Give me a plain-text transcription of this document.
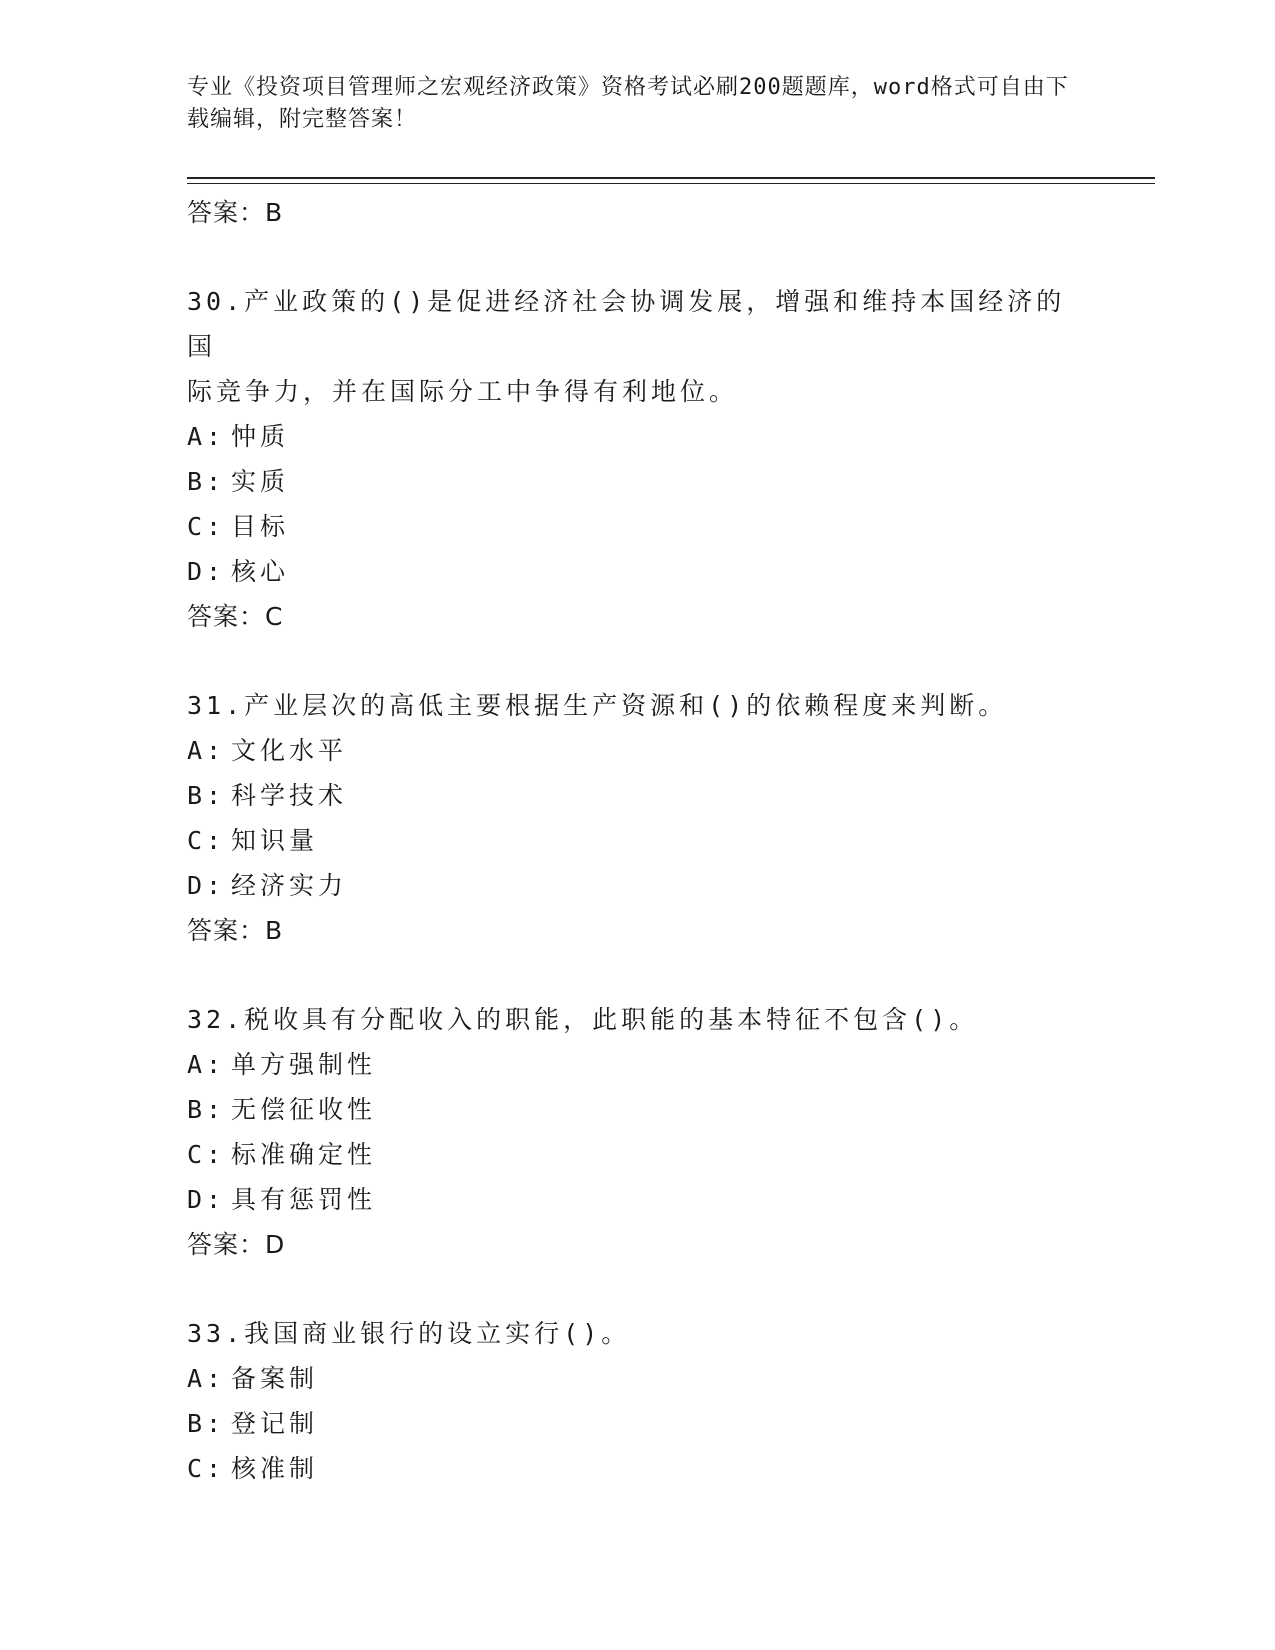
专业《投资项目管理师之宏观经济政策》资格考试必刷200题题库，word格式可自由下载编辑，附完整答案！
答案：B
30.产业政策的()是促进经济社会协调发展，增强和维持本国经济的国
际竞争力，并在国际分工中争得有利地位。
A: 忡质
B: 实质
C: 目标
D: 核心
答案：C
31.产业层次的高低主要根据生产资源和()的依赖程度来判断。
A: 文化水平
B: 科学技术
C: 知识量
D: 经济实力
答案：B
32.税收具有分配收入的职能，此职能的基本特征不包含()。
A: 单方强制性
B: 无偿征收性
C: 标准确定性
D: 具有惩罚性
答案：D
33.我国商业银行的设立实行()。
A: 备案制
B: 登记制
C: 核准制
